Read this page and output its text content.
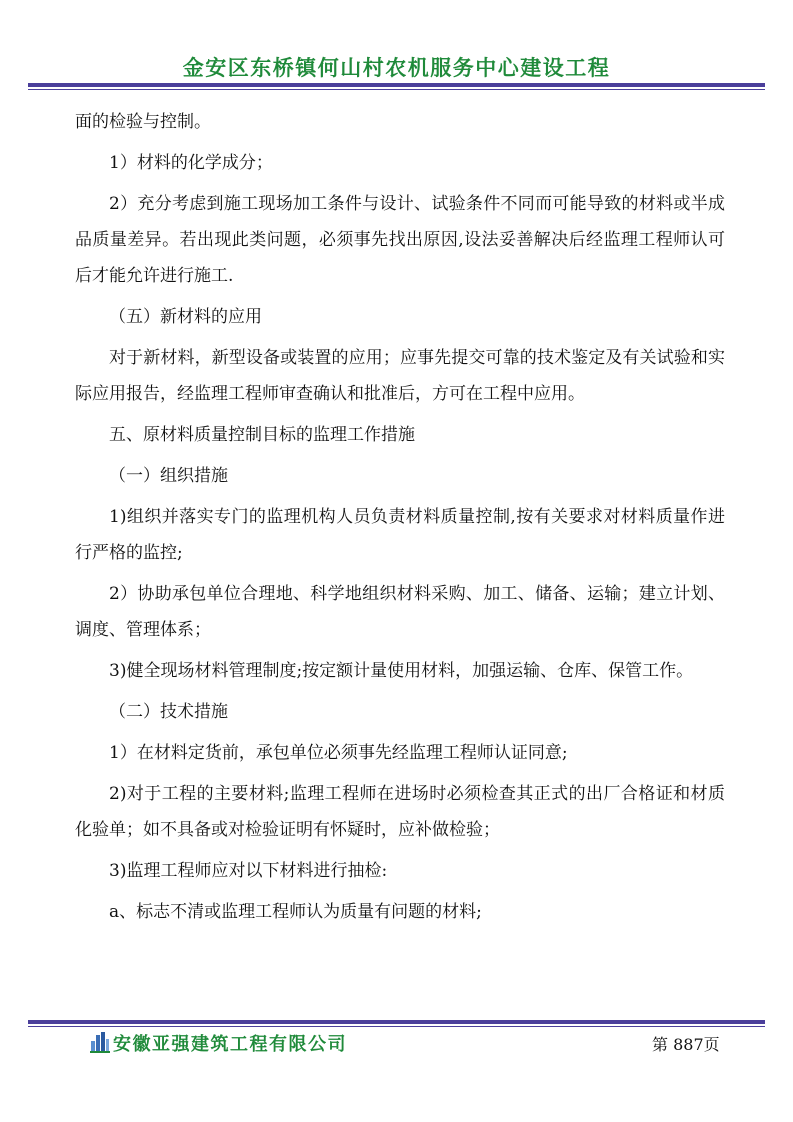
金安区东桥镇何山村农机服务中心建设工程

面的检验与控制。

1）材料的化学成分；

2）充分考虑到施工现场加工条件与设计、试验条件不同而可能导致的材料或半成品质量差异。若出现此类问题，必须事先找出原因,设法妥善解决后经监理工程师认可后才能允许进行施工.

（五）新材料的应用

对于新材料，新型设备或装置的应用；应事先提交可靠的技术鉴定及有关试验和实际应用报告，经监理工程师审查确认和批准后，方可在工程中应用。

五、原材料质量控制目标的监理工作措施

（一）组织措施

1)组织并落实专门的监理机构人员负责材料质量控制,按有关要求对材料质量作进行严格的监控;

2）协助承包单位合理地、科学地组织材料采购、加工、储备、运输；建立计划、调度、管理体系；

3)健全现场材料管理制度;按定额计量使用材料，加强运输、仓库、保管工作。

（二）技术措施

1）在材料定货前，承包单位必须事先经监理工程师认证同意;

2)对于工程的主要材料;监理工程师在进场时必须检查其正式的出厂合格证和材质化验单；如不具备或对检验证明有怀疑时，应补做检验；

3)监理工程师应对以下材料进行抽检:

a、标志不清或监理工程师认为质量有问题的材料;

安徽亚强建筑工程有限公司	第 887页
